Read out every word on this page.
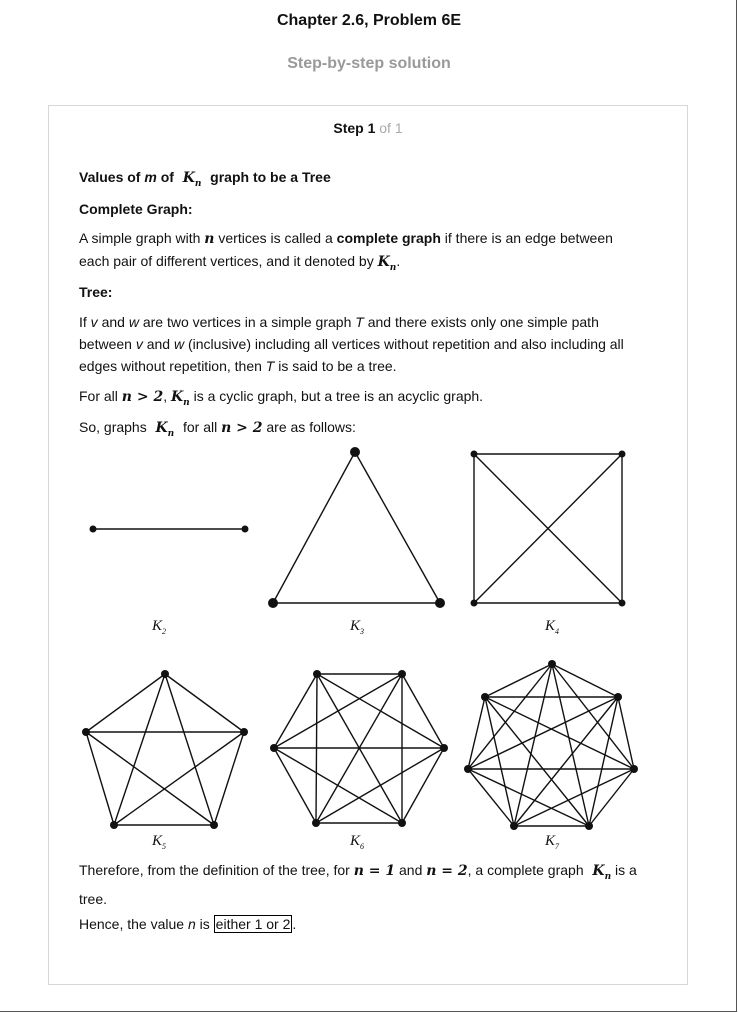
Chapter 2.6, Problem 6E
Step-by-step solution
Step 1 of 1
Values of m of $K_n$ graph to be a Tree
Complete Graph:
A simple graph with n vertices is called a complete graph if there is an edge between each pair of different vertices, and it denoted by $K_n$.
Tree:
If v and w are two vertices in a simple graph T and there exists only one simple path between v and w (inclusive) including all vertices without repetition and also including all edges without repetition, then T is said to be a tree.
For all n > 2, $K_n$ is a cyclic graph, but a tree is an acyclic graph.
So, graphs $K_n$ for all n > 2 are as follows:
Therefore, from the definition of the tree, for n = 1 and n = 2, a complete graph $K_n$ is a tree.
Hence, the value n is either 1 or 2 .
$K_2$	$K_3$	$K_4$
$K_5$	$K_6$	$K_7$
